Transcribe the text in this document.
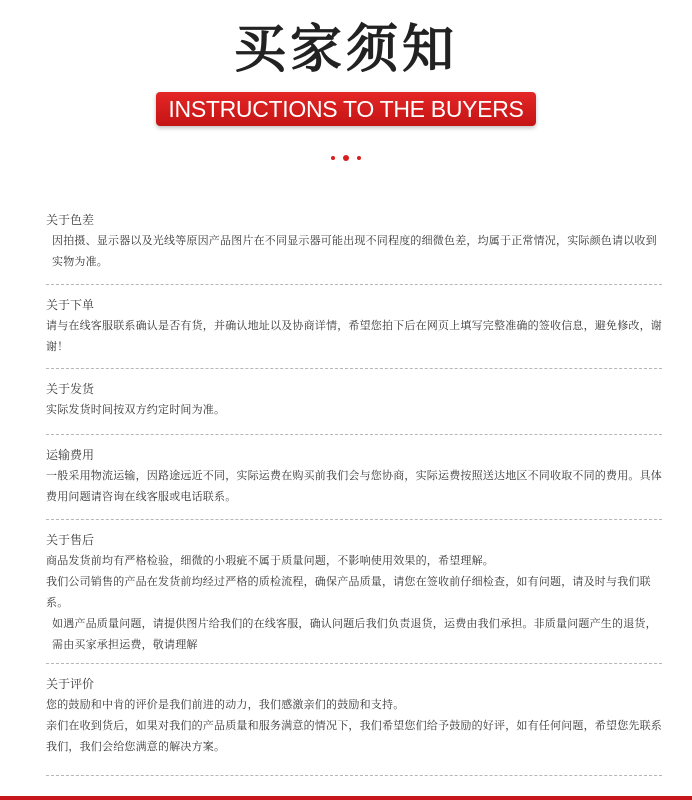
买家须知
INSTRUCTIONS TO THE BUYERS

关于色差

因拍摄、显示器以及光线等原因产品图片在不同显示器可能出现不同程度的细微色差，均属于正常情况，实际颜色请以收到实物为准。

关于下单

请与在线客服联系确认是否有货，并确认地址以及协商详情，希望您拍下后在网页上填写完整准确的签收信息，避免修改，谢谢！

关于发货

实际发货时间按双方约定时间为准。

运输费用

一般采用物流运输，因路途远近不同，实际运费在购买前我们会与您协商，实际运费按照送达地区不同收取不同的费用。具体费用问题请咨询在线客服或电话联系。

关于售后

商品发货前均有严格检验，细微的小瑕疵不属于质量问题，不影响使用效果的，希望理解。

我们公司销售的产品在发货前均经过严格的质检流程，确保产品质量，请您在签收前仔细检查，如有问题，请及时与我们联系。

如遇产品质量问题，请提供图片给我们的在线客服，确认问题后我们负责退货，运费由我们承担。非质量问题产生的退货，需由买家承担运费，敬请理解

关于评价

您的鼓励和中肯的评价是我们前进的动力，我们感激亲们的鼓励和支持。

亲们在收到货后，如果对我们的产品质量和服务满意的情况下，我们希望您们给予鼓励的好评，如有任何问题，希望您先联系我们，我们会给您满意的解决方案。
